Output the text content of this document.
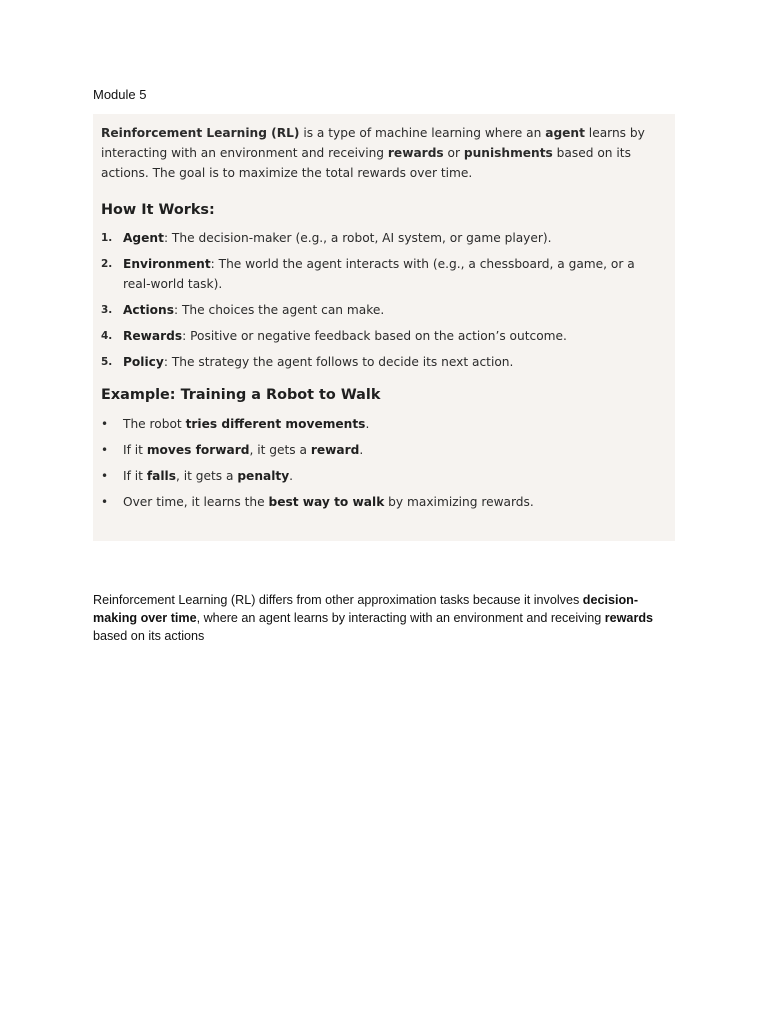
Module 5

Reinforcement Learning (RL) is a type of machine learning where an agent learns by interacting with an environment and receiving rewards or punishments based on its actions. The goal is to maximize the total rewards over time.

How It Works:
1. Agent: The decision-maker (e.g., a robot, AI system, or game player).
2. Environment: The world the agent interacts with (e.g., a chessboard, a game, or a real-world task).
3. Actions: The choices the agent can make.
4. Rewards: Positive or negative feedback based on the action’s outcome.
5. Policy: The strategy the agent follows to decide its next action.
Example: Training a Robot to Walk
•	The robot tries different movements.
•	If it moves forward, it gets a reward.
•	If it falls, it gets a penalty.
•	Over time, it learns the best way to walk by maximizing rewards.

Reinforcement Learning (RL) differs from other approximation tasks because it involves decision-making over time, where an agent learns by interacting with an environment and receiving rewards based on its actions
